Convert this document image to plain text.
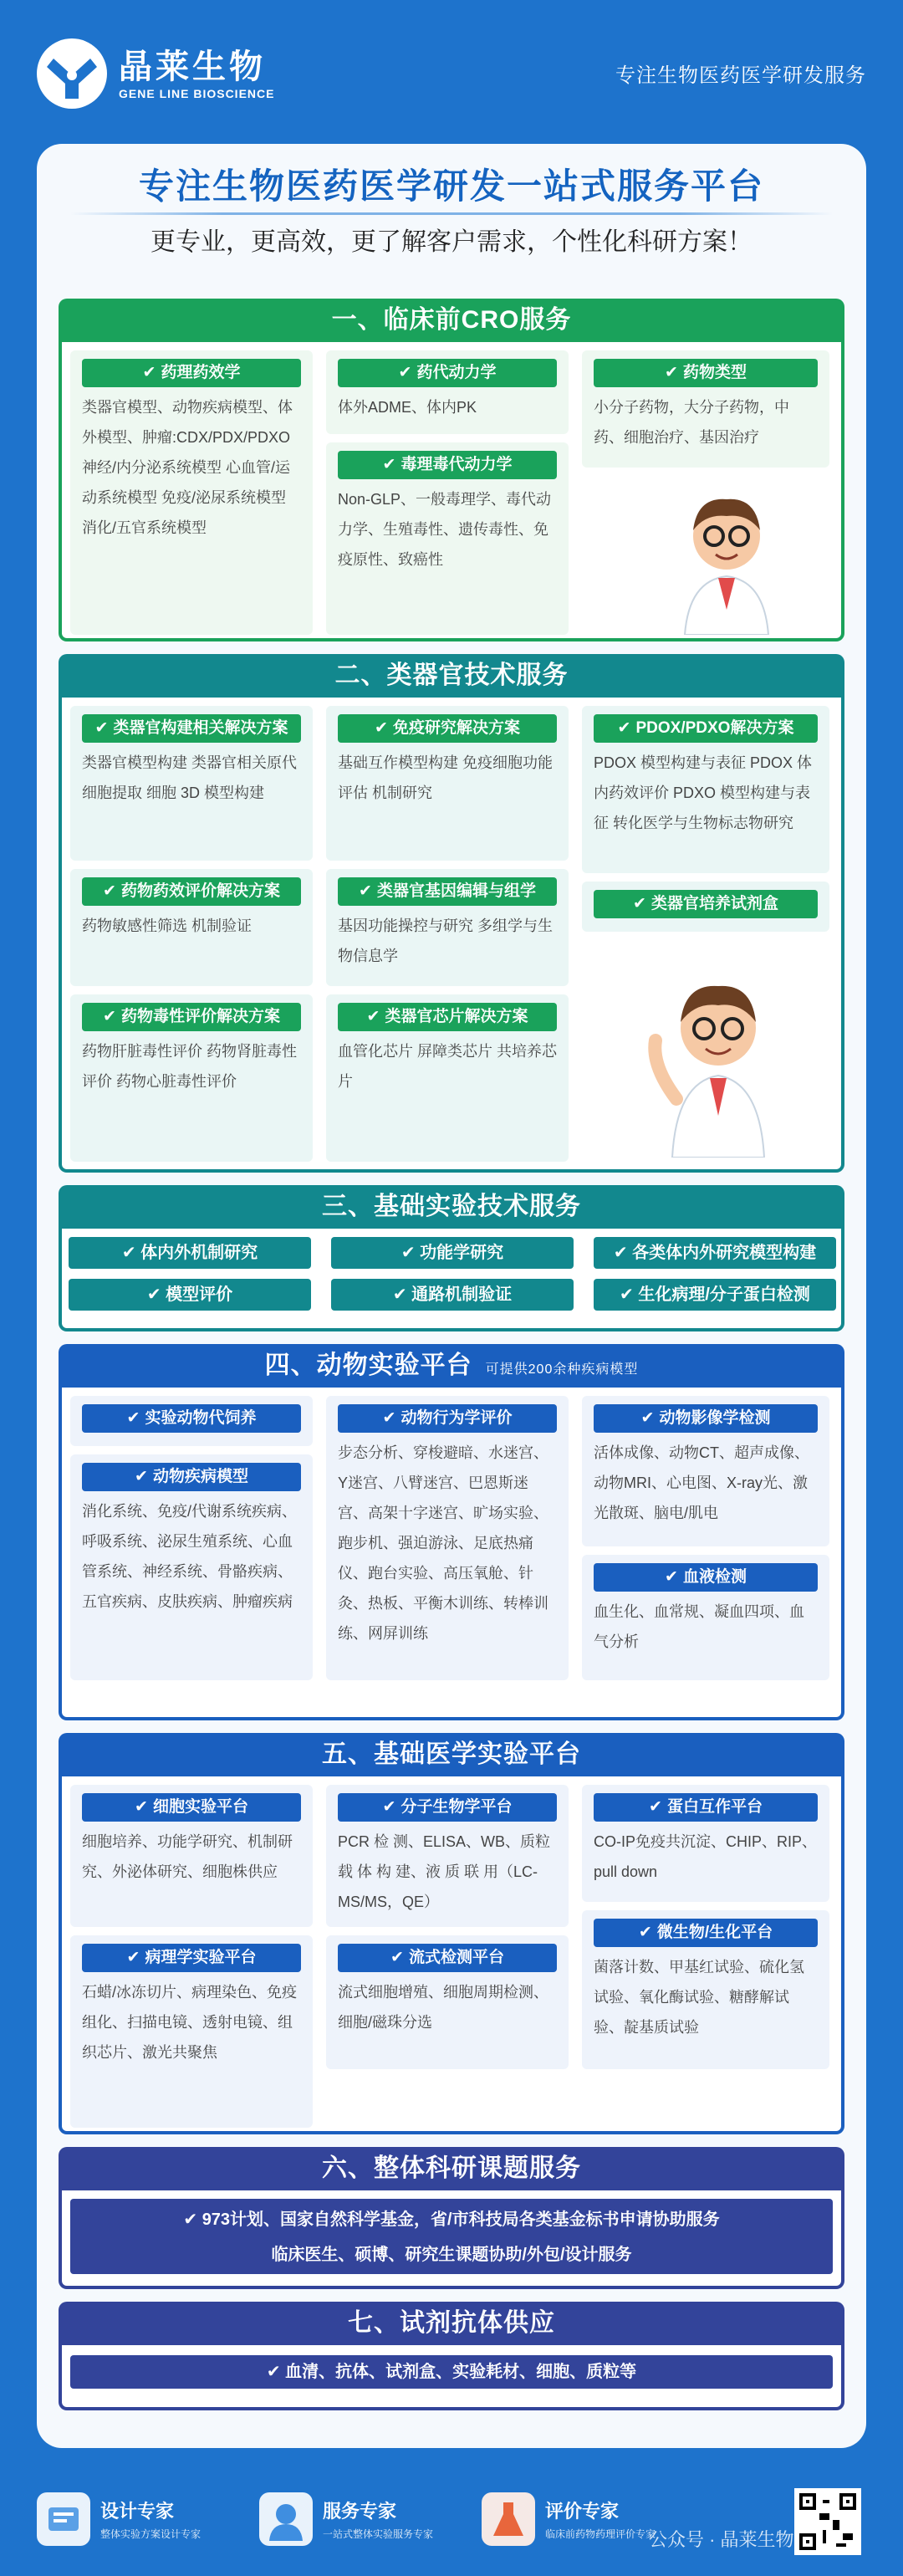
晶莱生物
GENE LINE BIOSCIENCE
专注生物医药医学研发服务
专注生物医药医学研发一站式服务平台
更专业，更高效，更了解客户需求，个性化科研方案！
一、临床前CRO服务
✔ 药理药效学
类器官模型、动物疾病模型、体外模型、肿瘤:CDX/PDX/PDXO 神经/内分泌系统模型 心血管/运动系统模型 免疫/泌尿系统模型 消化/五官系统模型
✔ 药代动力学
体外ADME、体内PK
✔ 毒理毒代动力学
Non-GLP、一般毒理学、毒代动力学、生殖毒性、遗传毒性、免疫原性、致癌性
✔ 药物类型
小分子药物，大分子药物，中药、细胞治疗、基因治疗
二、类器官技术服务
✔ 类器官构建相关解决方案
类器官模型构建 类器官相关原代细胞提取 细胞 3D 模型构建
✔ 免疫研究解决方案
基础互作模型构建 免疫细胞功能评估 机制研究
✔ PDOX/PDXO解决方案
PDOX 模型构建与表征 PDOX 体内药效评价 PDXO 模型构建与表征 转化医学与生物标志物研究
✔ 药物药效评价解决方案
药物敏感性筛选 机制验证
✔ 类器官基因编辑与组学
基因功能操控与研究 多组学与生物信息学
✔ 类器官培养试剂盒
✔ 药物毒性评价解决方案
药物肝脏毒性评价 药物肾脏毒性评价 药物心脏毒性评价
✔ 类器官芯片解决方案
血管化芯片 屏障类芯片 共培养芯片
三、基础实验技术服务
✔ 体内外机制研究	✔ 功能学研究	✔ 各类体内外研究模型构建
✔ 模型评价	✔ 通路机制验证	✔ 生化病理/分子蛋白检测
四、动物实验平台 可提供200余种疾病模型
✔ 实验动物代饲养
✔ 动物疾病模型
消化系统、免疫/代谢系统疾病、呼吸系统、泌尿生殖系统、心血管系统、神经系统、骨骼疾病、五官疾病、皮肤疾病、肿瘤疾病
✔ 动物行为学评价
步态分析、穿梭避暗、水迷宫、Y迷宫、八臂迷宫、巴恩斯迷宫、高架十字迷宫、旷场实验、跑步机、强迫游泳、足底热痛仪、跑台实验、高压氧舱、针灸、热板、平衡木训练、转棒训练、网屏训练
✔ 动物影像学检测
活体成像、动物CT、超声成像、动物MRI、心电图、X-ray光、激光散斑、脑电/肌电
✔ 血液检测
血生化、血常规、凝血四项、血气分析
五、基础医学实验平台
✔ 细胞实验平台
细胞培养、功能学研究、机制研究、外泌体研究、细胞株供应
✔ 分子生物学平台
PCR 检 测、ELISA、WB、质粒 载 体 构 建、液 质 联 用（LC-MS/MS，QE）
✔ 蛋白互作平台
CO-IP免疫共沉淀、CHIP、RIP、pull down
✔ 病理学实验平台
石蜡/冰冻切片、病理染色、免疫组化、扫描电镜、透射电镜、组织芯片、激光共聚焦
✔ 流式检测平台
流式细胞增殖、细胞周期检测、细胞/磁珠分选
✔ 微生物/生化平台
菌落计数、甲基红试验、硫化氢试验、氧化酶试验、糖酵解试验、靛基质试验
六、整体科研课题服务
✔ 973计划、国家自然科学基金，省/市科技局各类基金标书申请协助服务
临床医生、硕博、研究生课题协助/外包/设计服务
七、试剂抗体供应
✔ 血清、抗体、试剂盒、实验耗材、细胞、质粒等
设计专家
整体实验方案设计专家
服务专家
一站式整体实验服务专家
评价专家
临床前药物药理评价专家
公众号 · 晶莱生物
